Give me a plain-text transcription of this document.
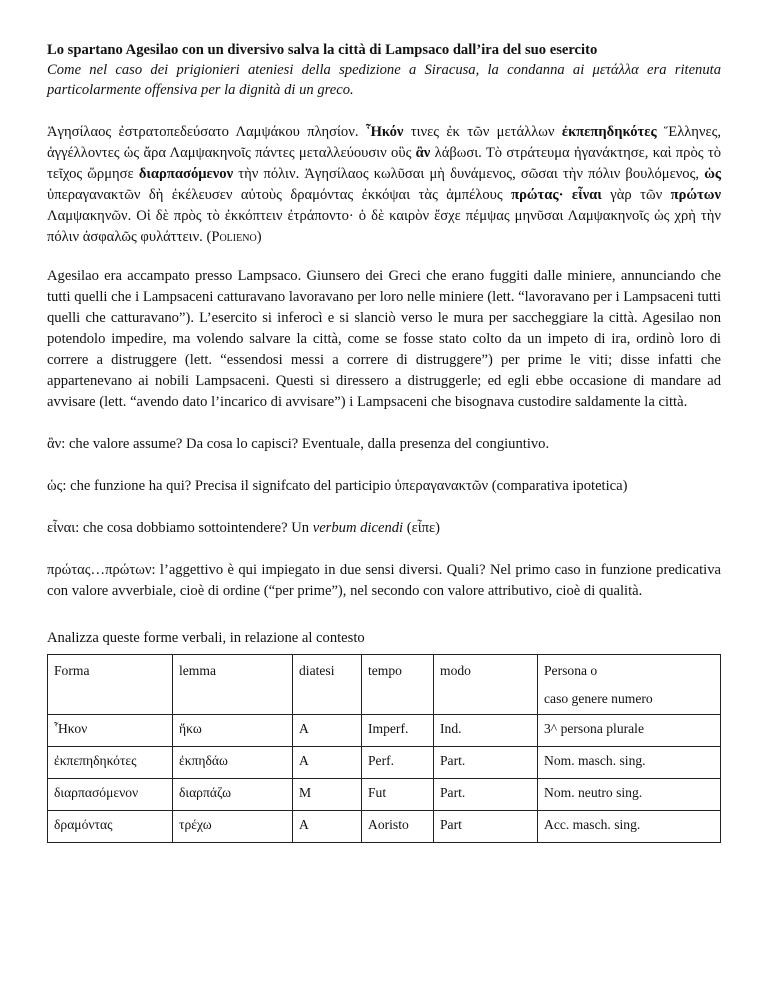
Lo spartano Agesilao con un diversivo salva la città di Lampsaco dall’ira del suo esercito

Come nel caso dei prigionieri ateniesi della spedizione a Siracusa, la condanna ai μετάλλα era ritenuta particolarmente offensiva per la dignità di un greco.

Ἀγησίλαος ἐστρατοπεδεύσατο Λαμψάκου πλησίον. Ἧκόν τινες ἐκ τῶν μετάλλων ἐκπεπηδηκότες Ἕλληνες, ἀγγέλλοντες ὡς ἄρα Λαμψακηνοῖς πάντες μεταλλεύουσιν οὓς ἂν λάβωσι. Τὸ στράτευμα ἠγανάκτησε, καὶ πρὸς τὸ τεῖχος ὥρμησε διαρπασόμενον τὴν πόλιν. Ἀγησίλαος κωλῦσαι μὴ δυνάμενος, σῶσαι τὴν πόλιν βουλόμενος, ὡς ὑπεραγανακτῶν δὴ ἐκέλευσεν αὐτοὺς δραμόντας ἐκκόψαι τὰς ἀμπέλους πρώτας· εἶναι γὰρ τῶν πρώτων Λαμψακηνῶν. Οἱ δὲ πρὸς τὸ ἐκκόπτειν ἐτράποντο· ὁ δὲ καιρὸν ἔσχε πέμψας μηνῦσαι Λαμψακηνοῖς ὡς χρὴ τὴν πόλιν ἀσφαλῶς φυλάττειν. (Polieno)

Agesilao era accampato presso Lampsaco. Giunsero dei Greci che erano fuggiti dalle miniere, annunciando che tutti quelli che i Lampsaceni catturavano lavoravano per loro nelle miniere (lett. “lavoravano per i Lampsaceni tutti quelli che catturavano”). L’esercito si inferocì e si slanciò verso le mura per saccheggiare la città. Agesilao non potendolo impedire, ma volendo salvare la città, come se fosse stato colto da un impeto di ira, ordinò loro di correre a distruggere (lett. “essendosi messi a correre di distruggere”) per prime le viti; disse infatti che appartenevano ai nobili Lampsaceni. Questi si diressero a distruggerle; ed egli ebbe occasione di mandare ad avvisare (lett. “avendo dato l’incarico di avvisare”) i Lampsaceni che bisognava custodire saldamente la città.

ἂν: che valore assume? Da cosa lo capisci? Eventuale, dalla presenza del congiuntivo.

ὡς: che funzione ha qui? Precisa il signifcato del participio ὑπεραγανακτῶν (comparativa ipotetica)

εἶναι: che cosa dobbiamo sottointendere? Un verbum dicendi (εἶπε)

πρώτας…πρώτων: l’aggettivo è qui impiegato in due sensi diversi. Quali? Nel primo caso in funzione predicativa con valore avverbiale, cioè di ordine (“per prime”), nel secondo con valore attributivo, cioè di qualità.

Analizza queste forme verbali, in relazione al contesto

Forma	lemma	diatesi	tempo	modo	Persona o
caso genere numero

Ἧκον	ἥκω	A	Imperf.	Ind.	3^ persona plurale
ἐκπεπηδηκότες	ἐκπηδάω	A	Perf.	Part.	Nom. masch. sing.
διαρπασόμενον	διαρπάζω	M	Fut	Part.	Nom. neutro sing.
δραμόντας	τρέχω	A	Aoristo	Part	Acc. masch. sing.
